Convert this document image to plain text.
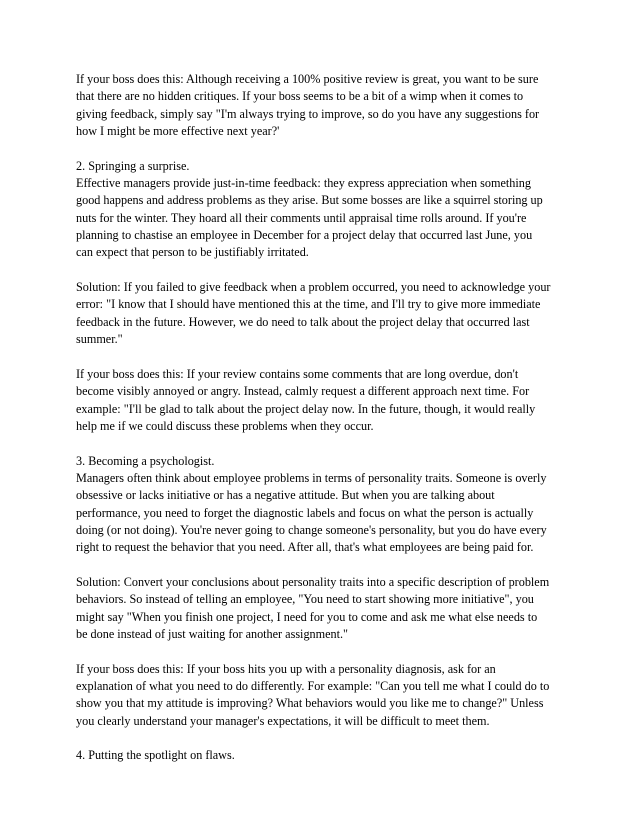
If your boss does this: Although receiving a 100% positive review is great, you want to be sure
that there are no hidden critiques. If your boss seems to be a bit of a wimp when it comes to
giving feedback, simply say "I'm always trying to improve, so do you have any suggestions for
how I might be more effective next year?'

2. Springing a surprise.
Effective managers provide just-in-time feedback: they express appreciation when something
good happens and address problems as they arise. But some bosses are like a squirrel storing up
nuts for the winter. They hoard all their comments until appraisal time rolls around. If you're
planning to chastise an employee in December for a project delay that occurred last June, you
can expect that person to be justifiably irritated.

Solution: If you failed to give feedback when a problem occurred, you need to acknowledge your
error: "I know that I should have mentioned this at the time, and I'll try to give more immediate
feedback in the future. However, we do need to talk about the project delay that occurred last
summer."

If your boss does this: If your review contains some comments that are long overdue, don't
become visibly annoyed or angry. Instead, calmly request a different approach next time. For
example: "I'll be glad to talk about the project delay now. In the future, though, it would really
help me if we could discuss these problems when they occur.

3. Becoming a psychologist.
Managers often think about employee problems in terms of personality traits. Someone is overly
obsessive or lacks initiative or has a negative attitude. But when you are talking about
performance, you need to forget the diagnostic labels and focus on what the person is actually
doing (or not doing). You're never going to change someone's personality, but you do have every
right to request the behavior that you need. After all, that's what employees are being paid for.

Solution: Convert your conclusions about personality traits into a specific description of problem
behaviors. So instead of telling an employee, "You need to start showing more initiative", you
might say "When you finish one project, I need for you to come and ask me what else needs to
be done instead of just waiting for another assignment."

If your boss does this: If your boss hits you up with a personality diagnosis, ask for an
explanation of what you need to do differently. For example: "Can you tell me what I could do to
show you that my attitude is improving? What behaviors would you like me to change?" Unless
you clearly understand your manager's expectations, it will be difficult to meet them.

4. Putting the spotlight on flaws.
